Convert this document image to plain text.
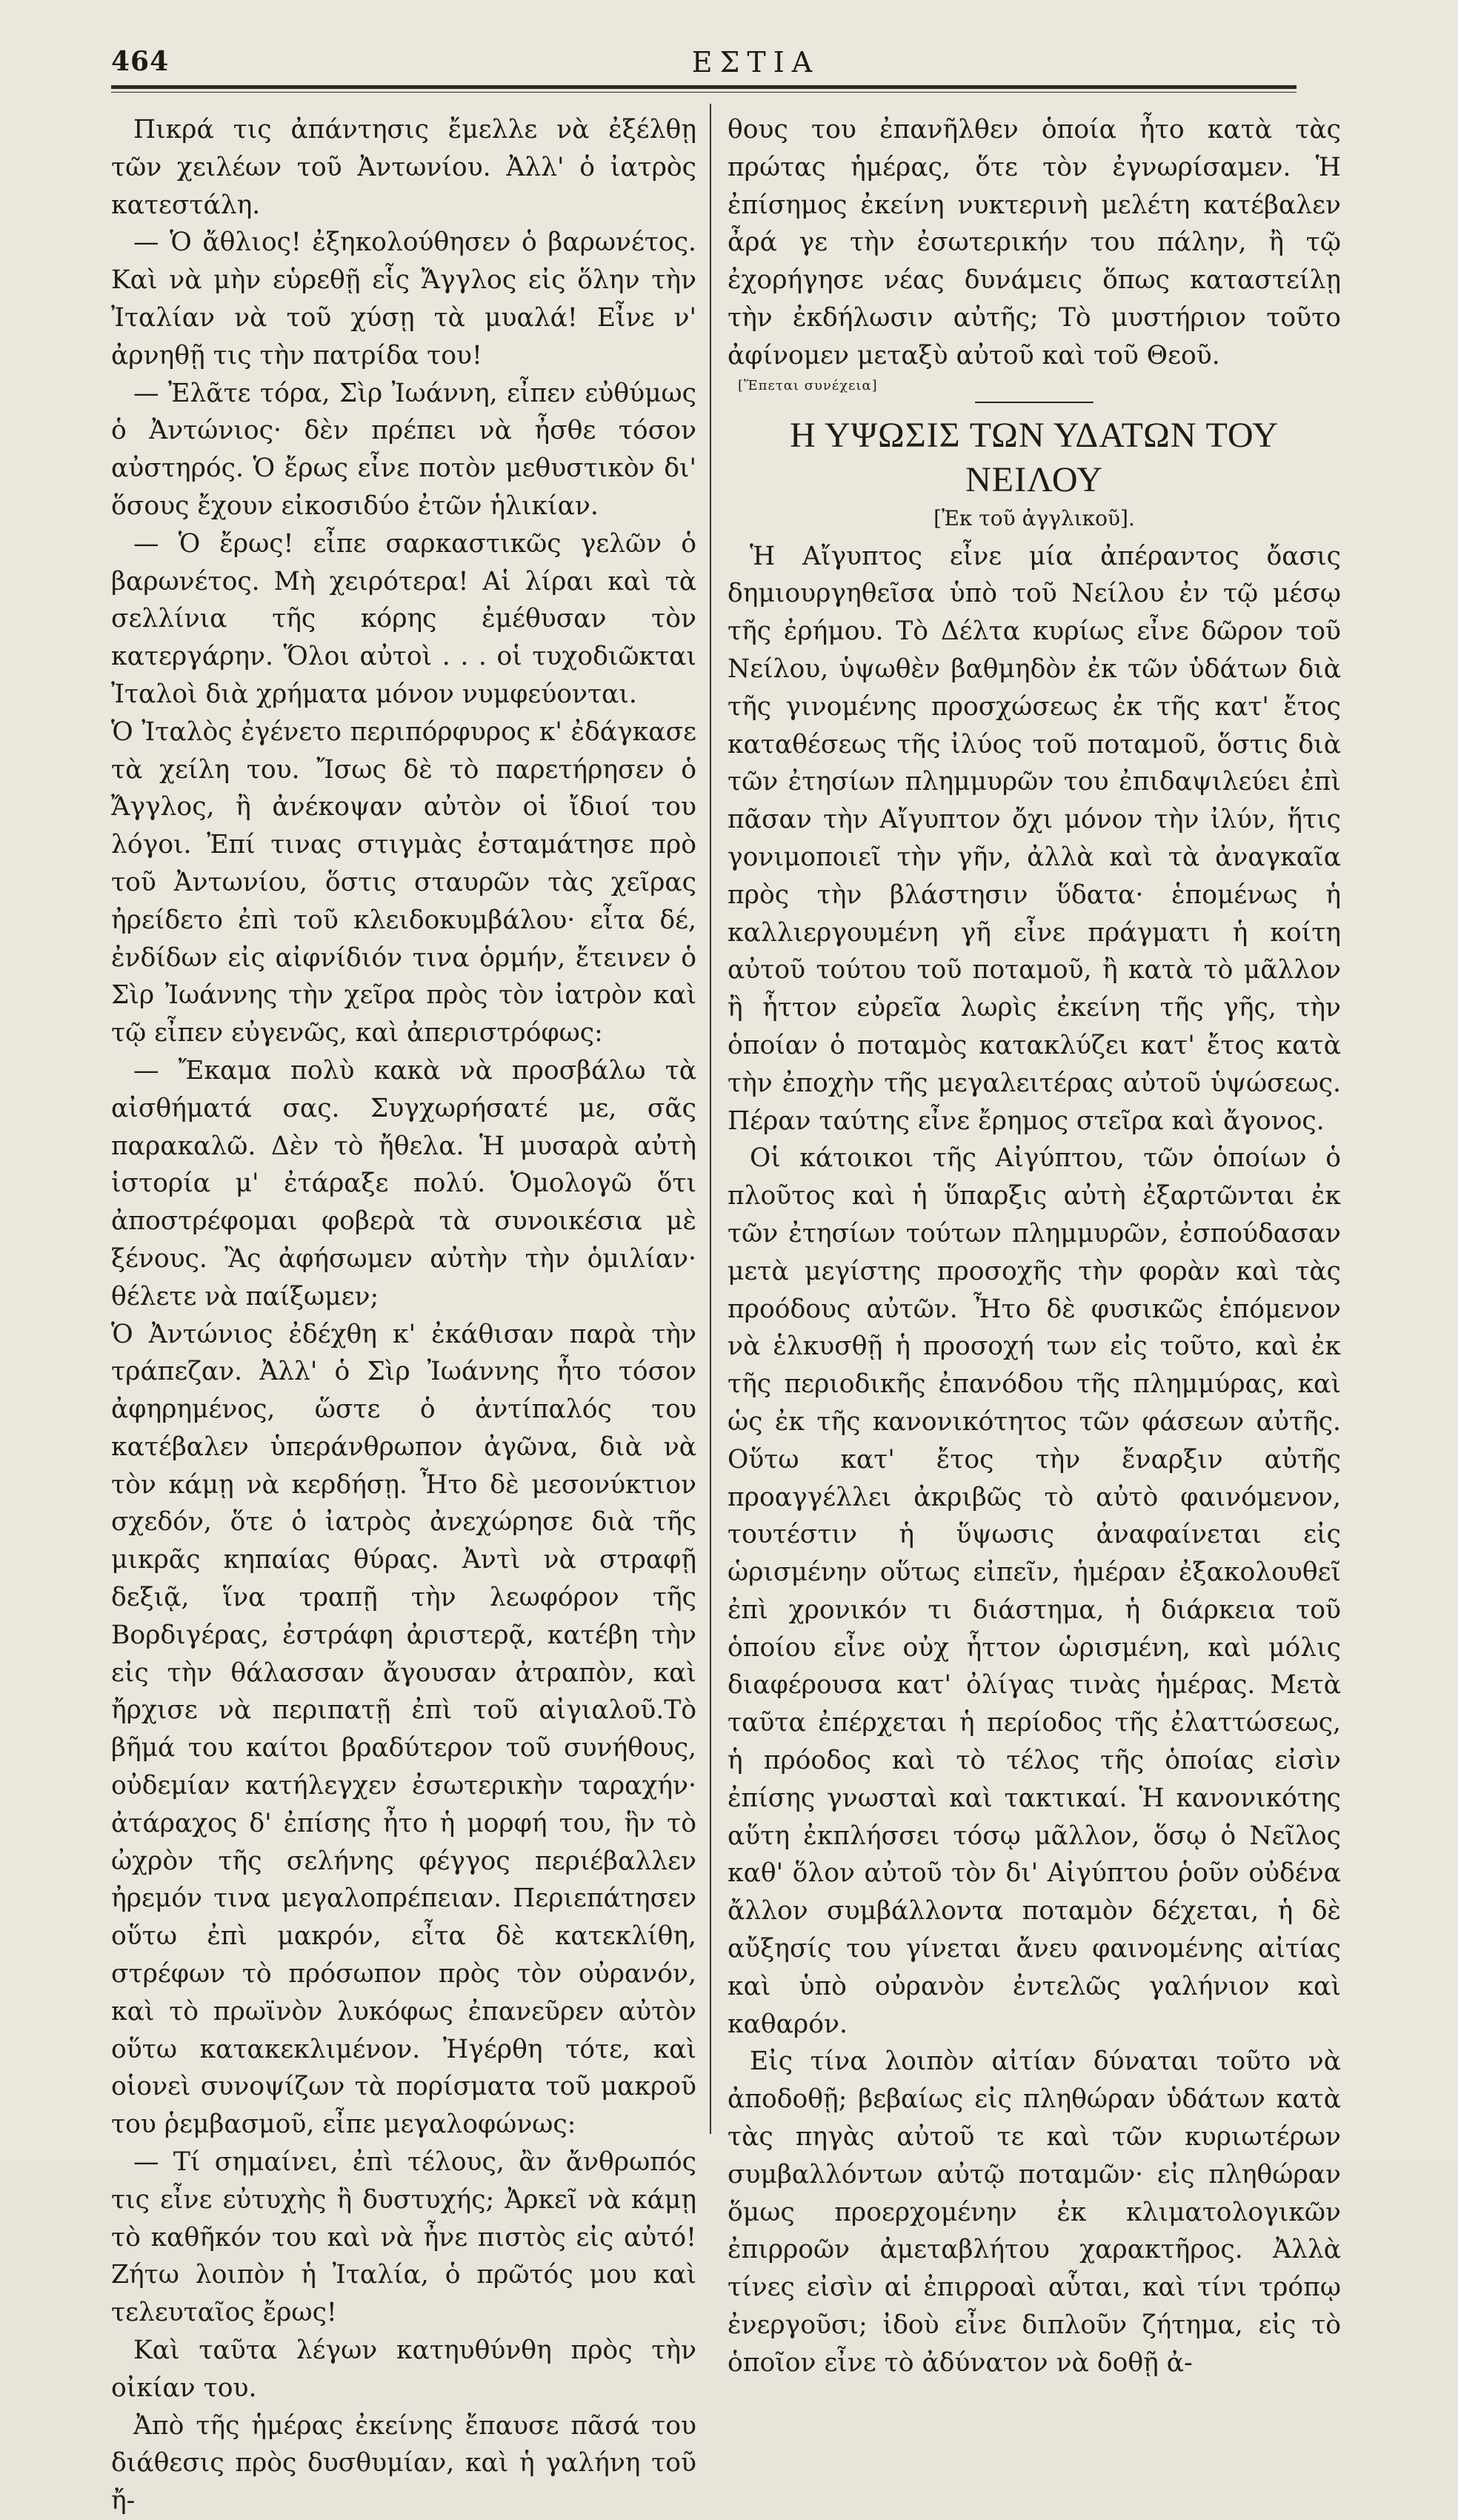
464	ΕΣΤΙΑ

Πικρά τις ἀπάντησις ἔμελλε νὰ ἐξέλθῃ τῶν χειλέων τοῦ Ἀντωνίου. Ἀλλ' ὁ ἰατρὸς κατεστάλη.

— Ὁ ἄθλιος! ἐξηκολούθησεν ὁ βαρωνέτος. Καὶ νὰ μὴν εὑρεθῇ εἷς Ἄγγλος εἰς ὅλην τὴν Ἰταλίαν νὰ τοῦ χύσῃ τὰ μυαλά! Εἶνε ν' ἀρνηθῇ τις τὴν πατρίδα του!

— Ἐλᾶτε τόρα, Σὶρ Ἰωάννη, εἶπεν εὐθύμως ὁ Ἀντώνιος· δὲν πρέπει νὰ ἦσθε τόσον αὐστηρός. Ὁ ἔρως εἶνε ποτὸν μεθυστικὸν δι' ὅσους ἔχουν εἰκοσιδύο ἐτῶν ἡλικίαν.

— Ὁ ἔρως! εἶπε σαρκαστικῶς γελῶν ὁ βαρωνέτος. Μὴ χειρότερα! Αἱ λίραι καὶ τὰ σελλίνια τῆς κόρης ἐμέθυσαν τὸν κατεργάρην. Ὅλοι αὐτοὶ . . . οἱ τυχοδιῶκται Ἰταλοὶ διὰ χρήματα μόνον νυμφεύονται.

Ὁ Ἰταλὸς ἐγένετο περιπόρφυρος κ' ἐδάγκασε τὰ χείλη του. Ἴσως δὲ τὸ παρετήρησεν ὁ Ἄγγλος, ἢ ἀνέκοψαν αὐτὸν οἱ ἴδιοί του λόγοι. Ἐπί τινας στιγμὰς ἐσταμάτησε πρὸ τοῦ Ἀντωνίου, ὅστις σταυρῶν τὰς χεῖρας ἠρείδετο ἐπὶ τοῦ κλειδοκυμβάλου· εἶτα δέ, ἐνδίδων εἰς αἰφνίδιόν τινα ὁρμήν, ἔτεινεν ὁ Σὶρ Ἰωάννης τὴν χεῖρα πρὸς τὸν ἰατρὸν καὶ τῷ εἶπεν εὐγενῶς, καὶ ἀπεριστρόφως:

— Ἔκαμα πολὺ κακὰ νὰ προσβάλω τὰ αἰσθήματά σας. Συγχωρήσατέ με, σᾶς παρακαλῶ. Δὲν τὸ ἤθελα. Ἡ μυσαρὰ αὐτὴ ἱστορία μ' ἐτάραξε πολύ. Ὁμολογῶ ὅτι ἀποστρέφομαι φοβερὰ τὰ συνοικέσια μὲ ξένους. Ἂς ἀφήσωμεν αὐτὴν τὴν ὁμιλίαν· θέλετε νὰ παίξωμεν;

Ὁ Ἀντώνιος ἐδέχθη κ' ἐκάθισαν παρὰ τὴν τράπεζαν. Ἀλλ' ὁ Σὶρ Ἰωάννης ἦτο τόσον ἀφηρημένος, ὥστε ὁ ἀντίπαλός του κατέβαλεν ὑπεράνθρωπον ἀγῶνα, διὰ νὰ τὸν κάμῃ νὰ κερδήσῃ. Ἦτο δὲ μεσονύκτιον σχεδόν, ὅτε ὁ ἰατρὸς ἀνεχώρησε διὰ τῆς μικρᾶς κηπαίας θύρας. Ἀντὶ νὰ στραφῇ δεξιᾷ, ἵνα τραπῇ τὴν λεωφόρον τῆς Βορδιγέρας, ἐστράφη ἀριστερᾷ, κατέβη τὴν εἰς τὴν θάλασσαν ἄγουσαν ἀτραπὸν, καὶ ἤρχισε νὰ περιπατῇ ἐπὶ τοῦ αἰγιαλοῦ.Τὸ βῆμά του καίτοι βραδύτερον τοῦ συνήθους, οὐδεμίαν κατήλεγχεν ἐσωτερικὴν ταραχήν· ἀτάραχος δ' ἐπίσης ἦτο ἡ μορφή του, ἣν τὸ ὠχρὸν τῆς σελήνης φέγγος περιέβαλλεν ἠρεμόν τινα μεγαλοπρέπειαν. Περιεπάτησεν οὕτω ἐπὶ μακρόν, εἶτα δὲ κατεκλίθη, στρέφων τὸ πρόσωπον πρὸς τὸν οὐρανόν, καὶ τὸ πρωϊνὸν λυκόφως ἐπανεῦρεν αὐτὸν οὕτω κατακεκλιμένον. Ἠγέρθη τότε, καὶ οἱονεὶ συνοψίζων τὰ πορίσματα τοῦ μακροῦ του ῥεμβασμοῦ, εἶπε μεγαλοφώνως:

— Τί σημαίνει, ἐπὶ τέλους, ἂν ἄνθρωπός τις εἶνε εὐτυχὴς ἢ δυστυχής; Ἀρκεῖ νὰ κάμῃ τὸ καθῆκόν του καὶ νὰ ἦνε πιστὸς εἰς αὐτό! Ζήτω λοιπὸν ἡ Ἰταλία, ὁ πρῶτός μου καὶ τελευταῖος ἔρως!

Καὶ ταῦτα λέγων κατηυθύνθη πρὸς τὴν οἰκίαν του.

Ἀπὸ τῆς ἡμέρας ἐκείνης ἔπαυσε πᾶσά του διάθεσις πρὸς δυσθυμίαν, καὶ ἡ γαλήνη τοῦ ἤ-

θους του ἐπανῆλθεν ὁποία ἦτο κατὰ τὰς πρώτας ἡμέρας, ὅτε τὸν ἐγνωρίσαμεν. Ἡ ἐπίσημος ἐκείνη νυκτερινὴ μελέτη κατέβαλεν ἆρά γε τὴν ἐσωτερικήν του πάλην, ἢ τῷ ἐχορήγησε νέας δυνάμεις ὅπως καταστείλῃ τὴν ἐκδήλωσιν αὐτῆς; Τὸ μυστήριον τοῦτο ἀφίνομεν μεταξὺ αὐτοῦ καὶ τοῦ Θεοῦ.

[Ἕπεται συνέχεια]

Η ΥΨΩΣΙΣ ΤΩΝ ΥΔΑΤΩΝ ΤΟΥ ΝΕΙΛΟΥ

[Ἐκ τοῦ ἀγγλικοῦ].

Ἡ Αἴγυπτος εἶνε μία ἀπέραντος ὄασις δημιουργηθεῖσα ὑπὸ τοῦ Νείλου ἐν τῷ μέσῳ τῆς ἐρήμου. Τὸ Δέλτα κυρίως εἶνε δῶρον τοῦ Νείλου, ὑψωθὲν βαθμηδὸν ἐκ τῶν ὑδάτων διὰ τῆς γινομένης προσχώσεως ἐκ τῆς κατ' ἔτος καταθέσεως τῆς ἰλύος τοῦ ποταμοῦ, ὅστις διὰ τῶν ἐτησίων πλημμυρῶν του ἐπιδαψιλεύει ἐπὶ πᾶσαν τὴν Αἴγυπτον ὄχι μόνον τὴν ἰλύν, ἥτις γονιμοποιεῖ τὴν γῆν, ἀλλὰ καὶ τὰ ἀναγκαῖα πρὸς τὴν βλάστησιν ὕδατα· ἑπομένως ἡ καλλιεργουμένη γῆ εἶνε πράγματι ἡ κοίτη αὐτοῦ τούτου τοῦ ποταμοῦ, ἢ κατὰ τὸ μᾶλλον ἢ ἧττον εὐρεῖα λωρὶς ἐκείνη τῆς γῆς, τὴν ὁποίαν ὁ ποταμὸς κατακλύζει κατ' ἔτος κατὰ τὴν ἐποχὴν τῆς μεγαλειτέρας αὐτοῦ ὑψώσεως. Πέραν ταύτης εἶνε ἔρημος στεῖρα καὶ ἄγονος.

Οἱ κάτοικοι τῆς Αἰγύπτου, τῶν ὁποίων ὁ πλοῦτος καὶ ἡ ὕπαρξις αὐτὴ ἐξαρτῶνται ἐκ τῶν ἐτησίων τούτων πλημμυρῶν, ἐσπούδασαν μετὰ μεγίστης προσοχῆς τὴν φορὰν καὶ τὰς προόδους αὐτῶν. Ἦτο δὲ φυσικῶς ἑπόμενον νὰ ἑλκυσθῇ ἡ προσοχή των εἰς τοῦτο, καὶ ἐκ τῆς περιοδικῆς ἐπανόδου τῆς πλημμύρας, καὶ ὡς ἐκ τῆς κανονικότητος τῶν φάσεων αὐτῆς. Οὕτω κατ' ἔτος τὴν ἔναρξιν αὐτῆς προαγγέλλει ἀκριβῶς τὸ αὐτὸ φαινόμενον, τουτέστιν ἡ ὕψωσις ἀναφαίνεται εἰς ὡρισμένην οὕτως εἰπεῖν, ἡμέραν ἐξακολουθεῖ ἐπὶ χρονικόν τι διάστημα, ἡ διάρκεια τοῦ ὁποίου εἶνε οὐχ ἧττον ὡρισμένη, καὶ μόλις διαφέρουσα κατ' ὀλίγας τινὰς ἡμέρας. Μετὰ ταῦτα ἐπέρχεται ἡ περίοδος τῆς ἐλαττώσεως, ἡ πρόοδος καὶ τὸ τέλος τῆς ὁποίας εἰσὶν ἐπίσης γνωσταὶ καὶ τακτικαί. Ἡ κανονικότης αὕτη ἐκπλήσσει τόσῳ μᾶλλον, ὅσῳ ὁ Νεῖλος καθ' ὅλον αὐτοῦ τὸν δι' Αἰγύπτου ῥοῦν οὐδένα ἄλλον συμβάλλοντα ποταμὸν δέχεται, ἡ δὲ αὔξησίς του γίνεται ἄνευ φαινομένης αἰτίας καὶ ὑπὸ οὐρανὸν ἐντελῶς γαλήνιον καὶ καθαρόν.

Εἰς τίνα λοιπὸν αἰτίαν δύναται τοῦτο νὰ ἀποδοθῇ; βεβαίως εἰς πληθώραν ὑδάτων κατὰ τὰς πηγὰς αὐτοῦ τε καὶ τῶν κυριωτέρων συμβαλλόντων αὐτῷ ποταμῶν· εἰς πληθώραν ὅμως προερχομένην ἐκ κλιματολογικῶν ἐπιρροῶν ἀμεταβλήτου χαρακτῆρος. Ἀλλὰ τίνες εἰσὶν αἱ ἐπιρροαὶ αὗται, καὶ τίνι τρόπῳ ἐνεργοῦσι; ἰδοὺ εἶνε διπλοῦν ζήτημα, εἰς τὸ ὁποῖον εἶνε τὸ ἀδύνατον νὰ δοθῇ ἀ-
